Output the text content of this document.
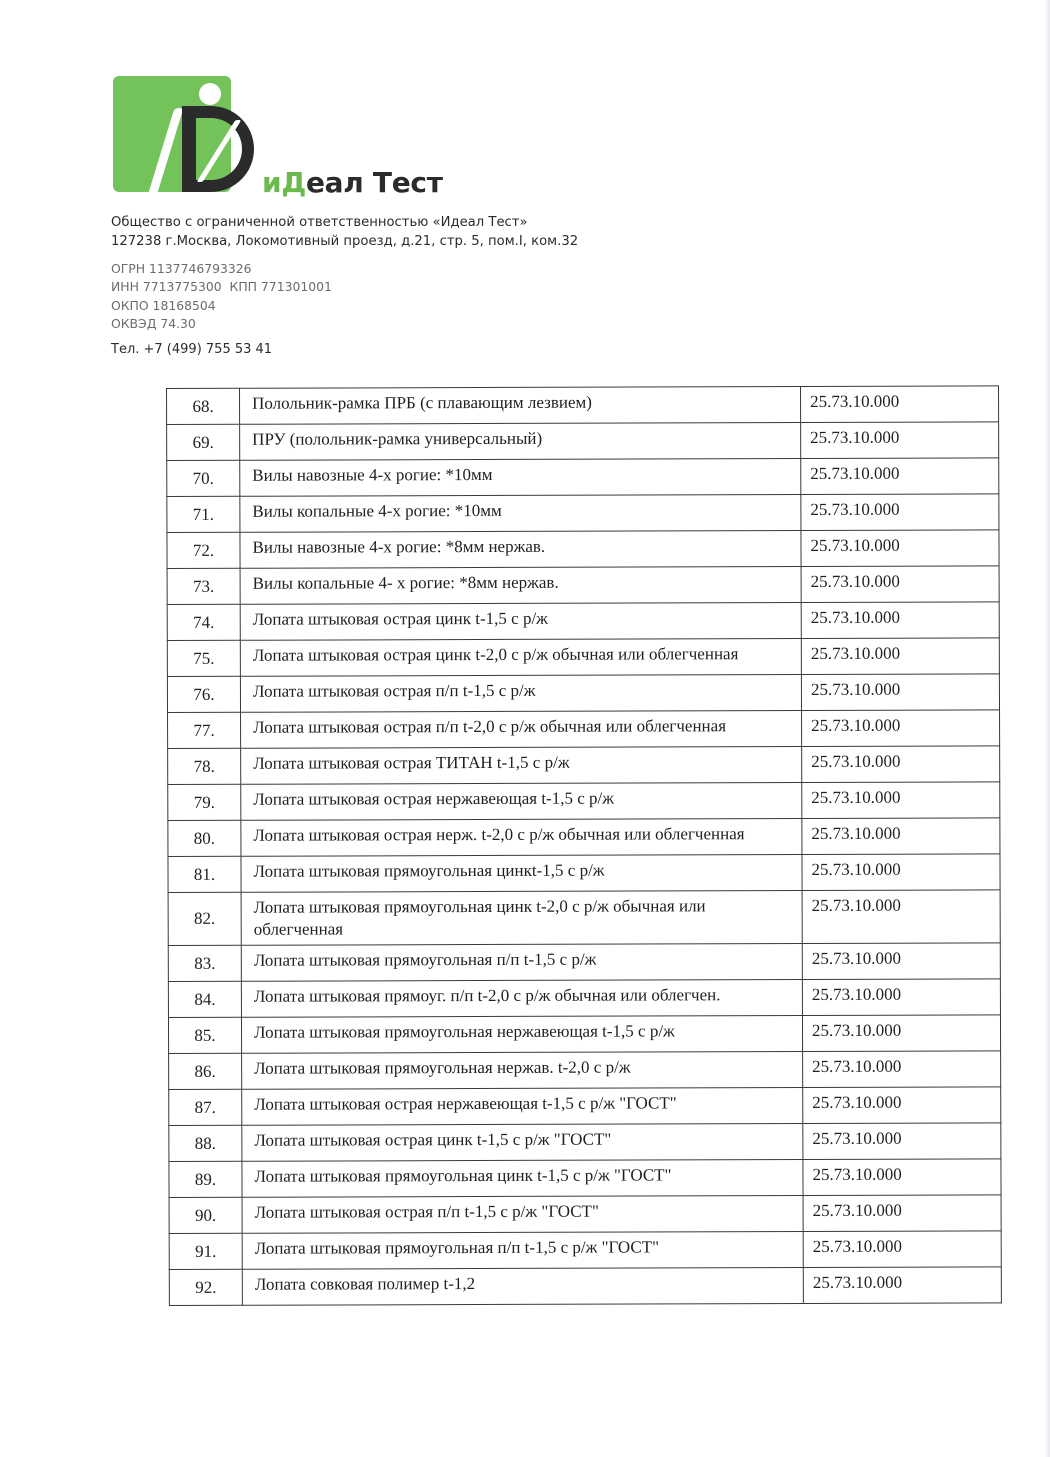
иДеал Тест
Общество с ограниченной ответственностью «Идеал Тест»
127238 г.Москва, Локомотивный проезд, д.21, стр. 5, пом.I, ком.32
ОГРН 1137746793326
ИНН 7713775300  КПП 771301001
ОКПО 18168504
ОКВЭД 74.30
Тел. +7 (499) 755 53 41
68.	Полольник-рамка ПРБ (с плавающим лезвием)	25.73.10.000
69.	ПРУ (полольник-рамка универсальный)	25.73.10.000
70.	Вилы навозные 4-х рогие: *10мм	25.73.10.000
71.	Вилы копальные 4-х рогие: *10мм	25.73.10.000
72.	Вилы навозные 4-х рогие: *8мм нержав.	25.73.10.000
73.	Вилы копальные 4- х рогие: *8мм нержав.	25.73.10.000
74.	Лопата штыковая острая цинк t-1,5 с р/ж	25.73.10.000
75.	Лопата штыковая острая цинк t-2,0 с р/ж обычная или облегченная	25.73.10.000
76.	Лопата штыковая острая п/п t-1,5 с р/ж	25.73.10.000
77.	Лопата штыковая острая п/п t-2,0 с р/ж обычная или облегченная	25.73.10.000
78.	Лопата штыковая острая ТИТАН t-1,5 с р/ж	25.73.10.000
79.	Лопата штыковая острая нержавеющая t-1,5 с р/ж	25.73.10.000
80.	Лопата штыковая острая нерж. t-2,0 с р/ж обычная или облегченная	25.73.10.000
81.	Лопата штыковая прямоугольная цинкt-1,5 с р/ж	25.73.10.000
82.	Лопата штыковая прямоугольная цинк t-2,0 с р/ж обычная или облегченная	25.73.10.000
83.	Лопата штыковая прямоугольная п/п t-1,5 с р/ж	25.73.10.000
84.	Лопата штыковая прямоуг. п/п t-2,0 с р/ж обычная или облегчен.	25.73.10.000
85.	Лопата штыковая прямоугольная нержавеющая t-1,5 с р/ж	25.73.10.000
86.	Лопата штыковая прямоугольная нержав. t-2,0 с р/ж	25.73.10.000
87.	Лопата штыковая острая нержавеющая t-1,5 с р/ж "ГОСТ"	25.73.10.000
88.	Лопата штыковая острая цинк t-1,5 с р/ж "ГОСТ"	25.73.10.000
89.	Лопата штыковая прямоугольная цинк t-1,5 с р/ж "ГОСТ"	25.73.10.000
90.	Лопата штыковая острая п/п t-1,5 с р/ж "ГОСТ"	25.73.10.000
91.	Лопата штыковая прямоугольная п/п t-1,5 с р/ж "ГОСТ"	25.73.10.000
92.	Лопата совковая полимер t-1,2	25.73.10.000
